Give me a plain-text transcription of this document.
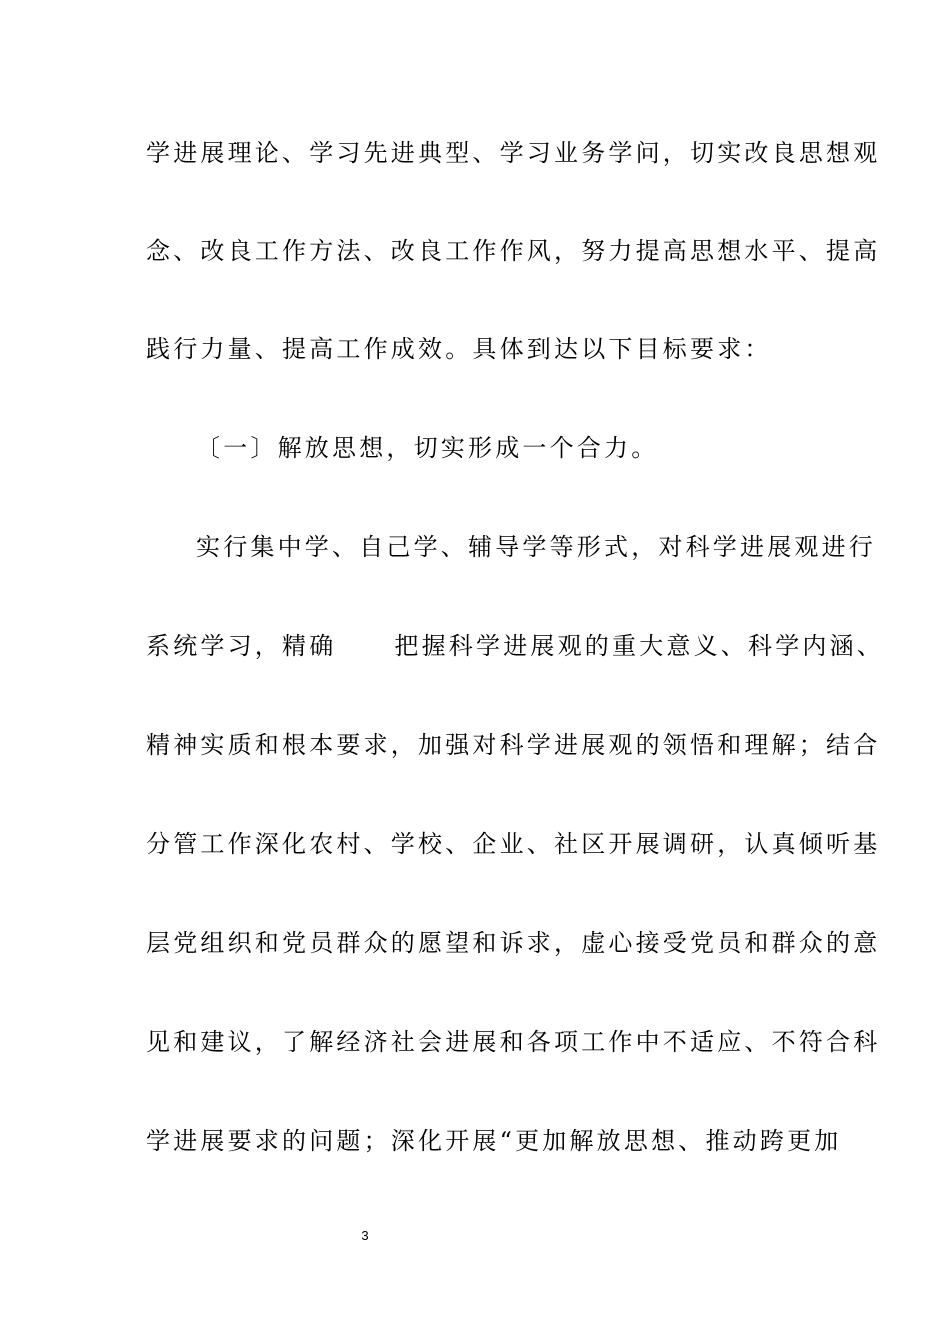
学进展理论、学习先进典型、学习业务学问，切实改良思想观
念、改良工作方法、改良工作作风，努力提高思想水平、提高
践行力量、提高工作成效。具体到达以下目标要求：
〔一〕解放思想，切实形成一个合力。
实行集中学、自己学、辅导学等形式，对科学进展观进行
系统学习，精确 把握科学进展观的重大意义、科学内涵、
精神实质和根本要求，加强对科学进展观的领悟和理解；结合
分管工作深化农村、学校、企业、社区开展调研，认真倾听基
层党组织和党员群众的愿望和诉求，虚心接受党员和群众的意
见和建议，了解经济社会进展和各项工作中不适应、不符合科
学进展要求的问题；深化开展“更加解放思想、推动跨更加
3
